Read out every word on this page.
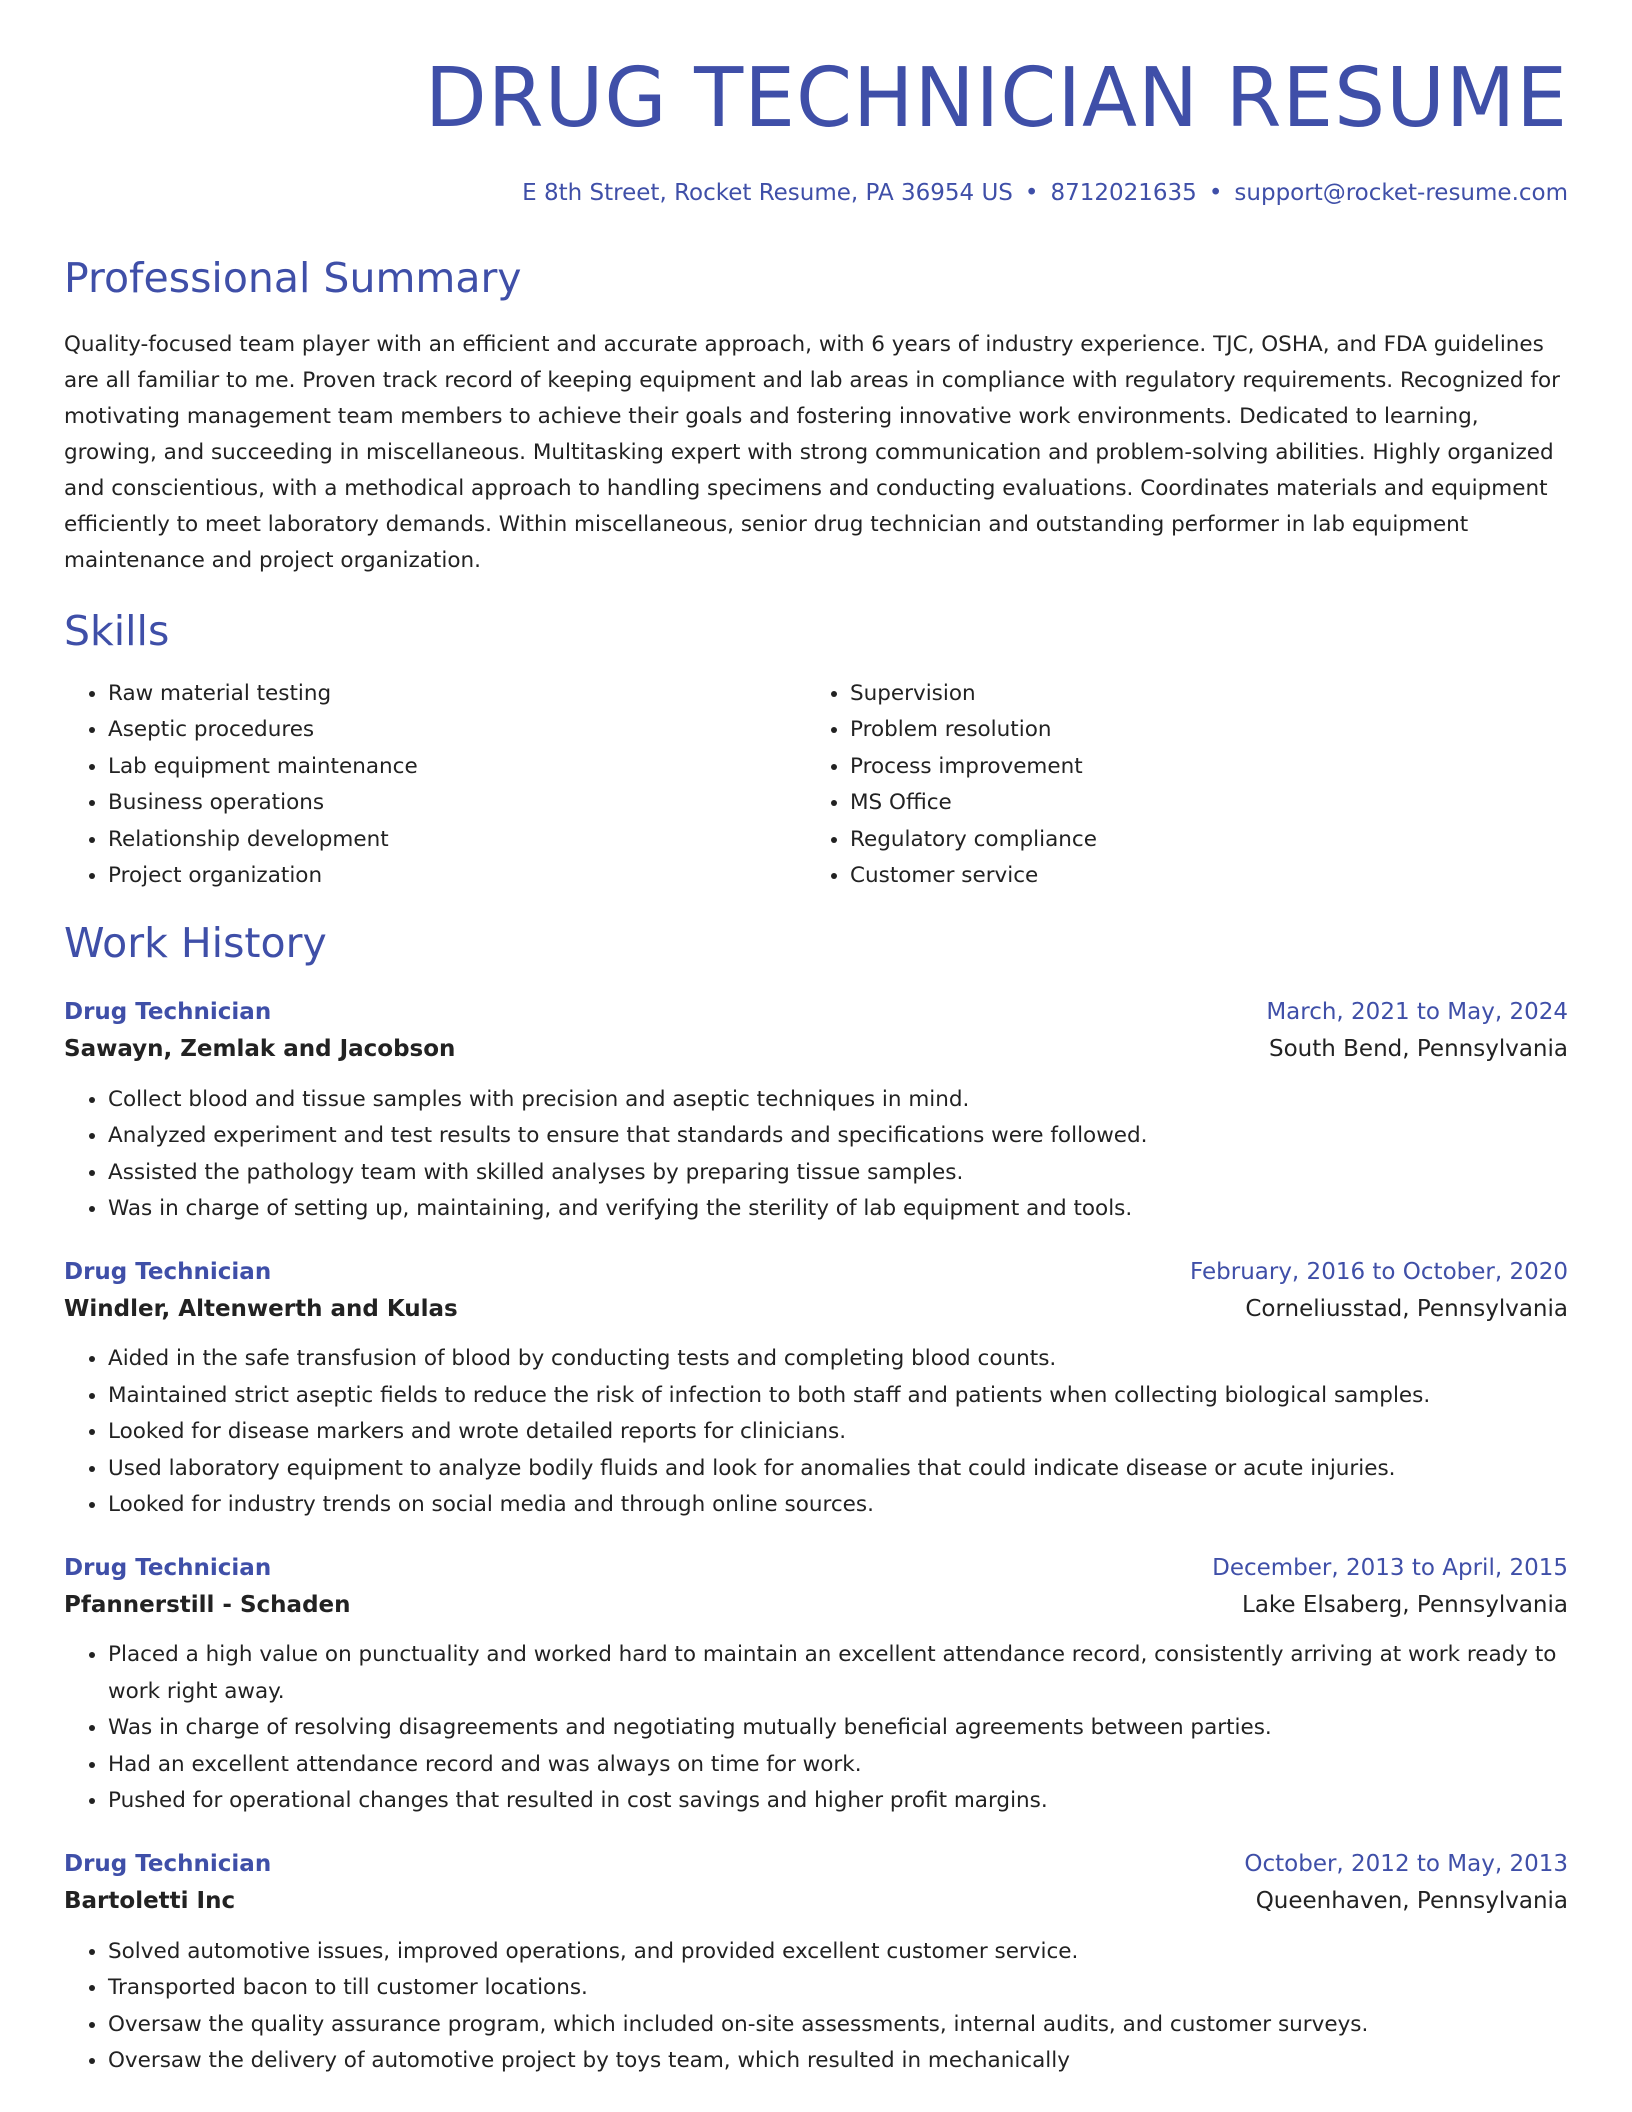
DRUG TECHNICIAN RESUME
E 8th Street, Rocket Resume, PA 36954 US • 8712021635 • support@rocket-resume.com
Professional Summary
Quality-focused team player with an efficient and accurate approach, with 6 years of industry experience. TJC, OSHA, and FDA guidelines are all familiar to me. Proven track record of keeping equipment and lab areas in compliance with regulatory requirements. Recognized for motivating management team members to achieve their goals and fostering innovative work environments. Dedicated to learning, growing, and succeeding in miscellaneous. Multitasking expert with strong communication and problem-solving abilities. Highly organized and conscientious, with a methodical approach to handling specimens and conducting evaluations. Coordinates materials and equipment efficiently to meet laboratory demands. Within miscellaneous, senior drug technician and outstanding performer in lab equipment maintenance and project organization.
Skills
• Raw material testing
• Aseptic procedures
• Lab equipment maintenance
• Business operations
• Relationship development
• Project organization
• Supervision
• Problem resolution
• Process improvement
• MS Office
• Regulatory compliance
• Customer service
Work History
Drug Technician	March, 2021 to May, 2024
Sawayn, Zemlak and Jacobson	South Bend, Pennsylvania
• Collect blood and tissue samples with precision and aseptic techniques in mind.
• Analyzed experiment and test results to ensure that standards and specifications were followed.
• Assisted the pathology team with skilled analyses by preparing tissue samples.
• Was in charge of setting up, maintaining, and verifying the sterility of lab equipment and tools.
Drug Technician	February, 2016 to October, 2020
Windler, Altenwerth and Kulas	Corneliusstad, Pennsylvania
• Aided in the safe transfusion of blood by conducting tests and completing blood counts.
• Maintained strict aseptic fields to reduce the risk of infection to both staff and patients when collecting biological samples.
• Looked for disease markers and wrote detailed reports for clinicians.
• Used laboratory equipment to analyze bodily fluids and look for anomalies that could indicate disease or acute injuries.
• Looked for industry trends on social media and through online sources.
Drug Technician	December, 2013 to April, 2015
Pfannerstill - Schaden	Lake Elsaberg, Pennsylvania
• Placed a high value on punctuality and worked hard to maintain an excellent attendance record, consistently arriving at work ready to work right away.
• Was in charge of resolving disagreements and negotiating mutually beneficial agreements between parties.
• Had an excellent attendance record and was always on time for work.
• Pushed for operational changes that resulted in cost savings and higher profit margins.
Drug Technician	October, 2012 to May, 2013
Bartoletti Inc	Queenhaven, Pennsylvania
• Solved automotive issues, improved operations, and provided excellent customer service.
• Transported bacon to till customer locations.
• Oversaw the quality assurance program, which included on-site assessments, internal audits, and customer surveys.
• Oversaw the delivery of automotive project by toys team, which resulted in mechanically
